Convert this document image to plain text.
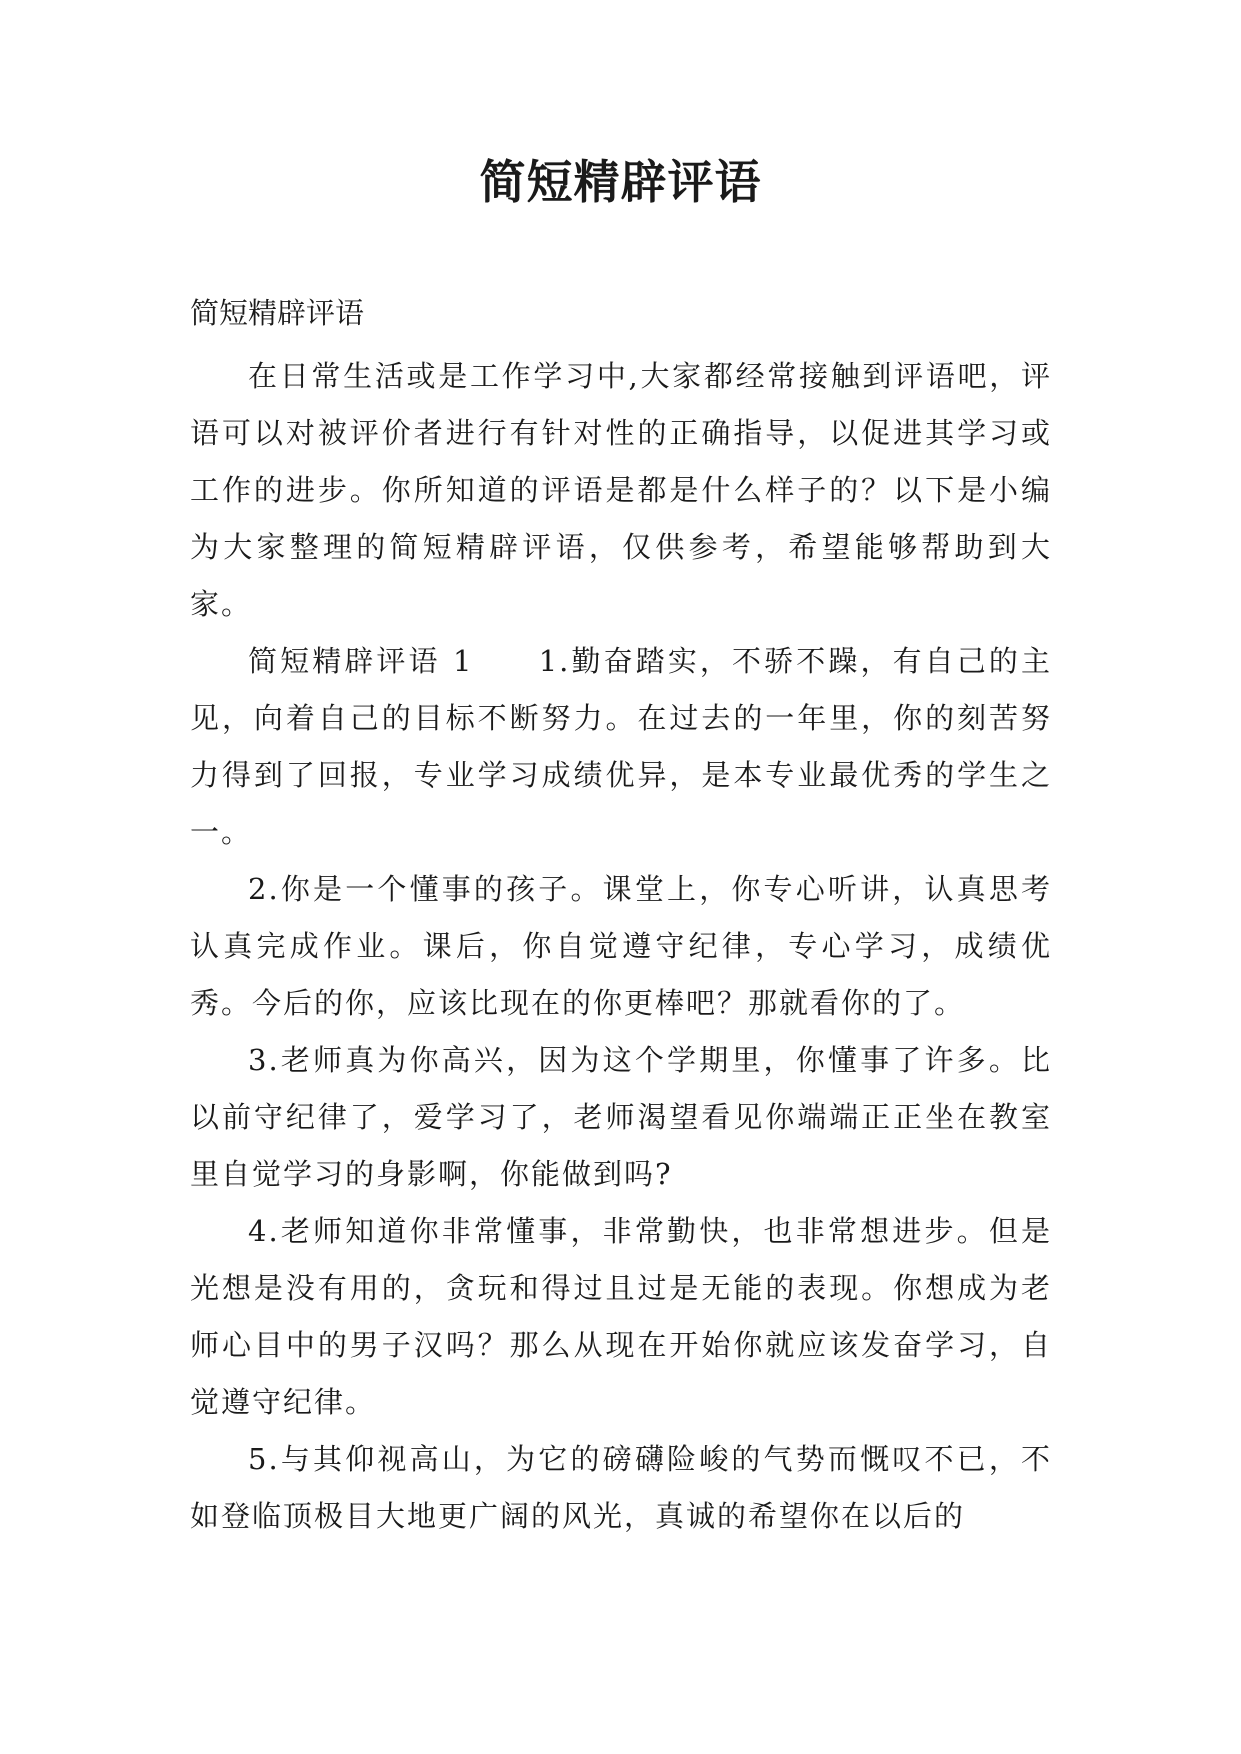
简短精辟评语

简短精辟评语

在日常生活或是工作学习中,大家都经常接触到评语吧，评语可以对被评价者进行有针对性的正确指导，以促进其学习或工作的进步。你所知道的评语是都是什么样子的？以下是小编为大家整理的简短精辟评语，仅供参考，希望能够帮助到大家。

简短精辟评语 1　　1.勤奋踏实，不骄不躁，有自己的主见，向着自己的目标不断努力。在过去的一年里，你的刻苦努力得到了回报，专业学习成绩优异，是本专业最优秀的学生之一。

2.你是一个懂事的孩子。课堂上，你专心听讲，认真思考认真完成作业。课后，你自觉遵守纪律，专心学习，成绩优秀。今后的你，应该比现在的你更棒吧？那就看你的了。

3.老师真为你高兴，因为这个学期里，你懂事了许多。比以前守纪律了，爱学习了，老师渴望看见你端端正正坐在教室里自觉学习的身影啊，你能做到吗?

4.老师知道你非常懂事，非常勤快，也非常想进步。但是光想是没有用的，贪玩和得过且过是无能的表现。你想成为老师心目中的男子汉吗？那么从现在开始你就应该发奋学习，自觉遵守纪律。

5.与其仰视高山，为它的磅礴险峻的气势而慨叹不已，不如登临顶极目大地更广阔的风光，真诚的希望你在以后的
